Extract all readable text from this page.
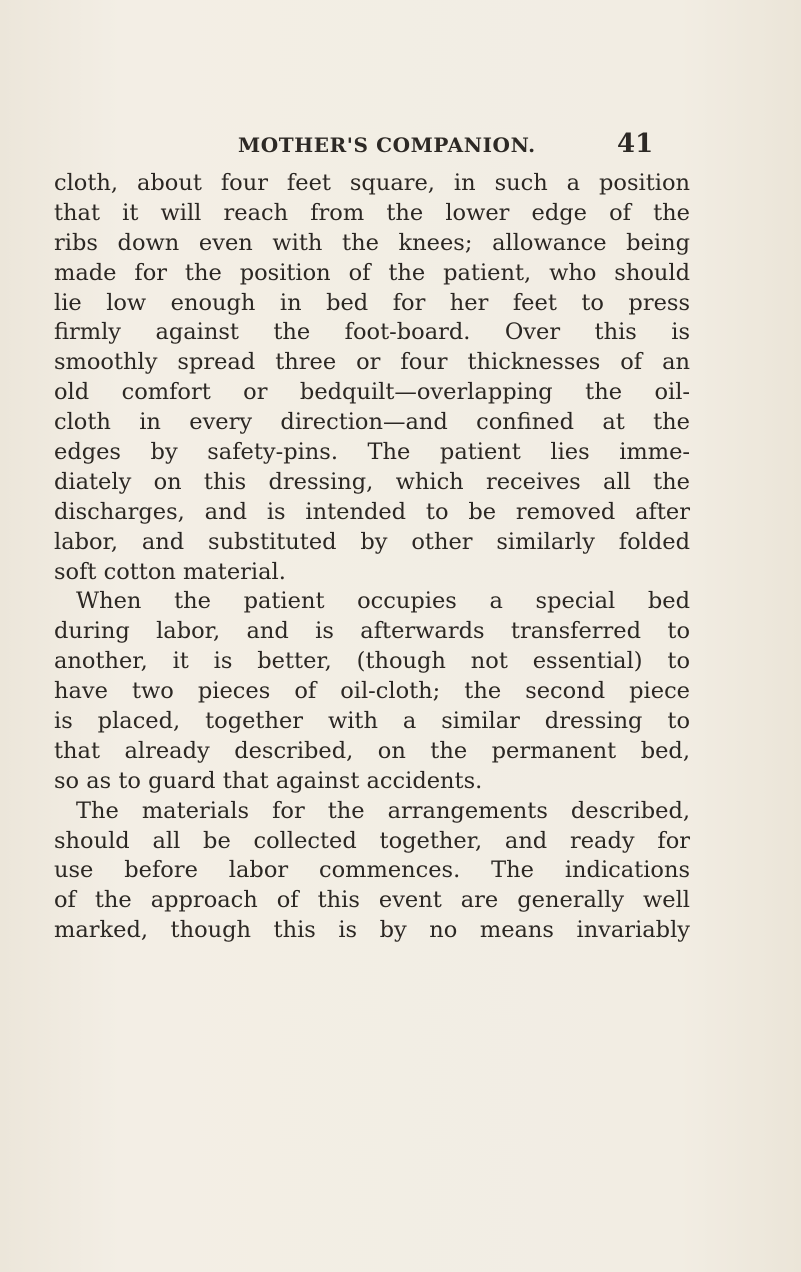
MOTHER'S COMPANION.	41
cloth, about four feet square, in such a position
that it will reach from the lower edge of the
ribs down even with the knees; allowance being
made for the position of the patient, who should
lie low enough in bed for her feet to press
firmly against the foot-board. Over this is
smoothly spread three or four thicknesses of an
old comfort or bedquilt—overlapping the oil-
cloth in every direction—and confined at the
edges by safety-pins. The patient lies imme-
diately on this dressing, which receives all the
discharges, and is intended to be removed after
labor, and substituted by other similarly folded
soft cotton material.
When the patient occupies a special bed
during labor, and is afterwards transferred to
another, it is better, (though not essential) to
have two pieces of oil-cloth; the second piece
is placed, together with a similar dressing to
that already described, on the permanent bed,
so as to guard that against accidents.
The materials for the arrangements described,
should all be collected together, and ready for
use before labor commences. The indications
of the approach of this event are generally well
marked, though this is by no means invariably
